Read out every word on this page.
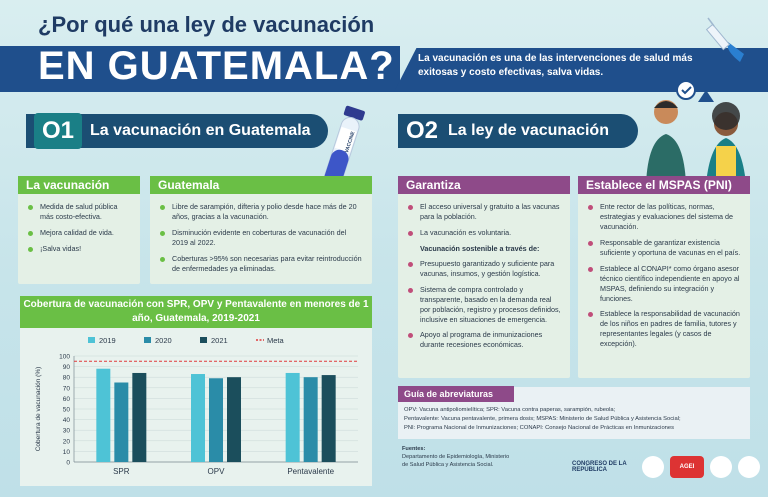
¿Por qué una ley de vacunación
EN GUATEMALA? La vacunación es una de las intervenciones de salud más exitosas y costo efectivas, salva vidas.
O1	La vacunación en Guatemala
VACCINE O2 La ley de vacunación
La vacunación
Medida de salud pública más costo-efectiva.
Mejora calidad de vida.
¡Salva vidas!
Guatemala
Libre de sarampión, difteria y polio desde hace más de 20 años, gracias a la vacunación.
Disminución evidente en coberturas de vacunación del 2019 al 2022.
Coberturas >95% son necesarias para evitar reintroducción de enfermedades ya eliminadas.
Garantiza
El acceso universal y gratuito a las vacunas para la población.
La vacunación es voluntaria.
Vacunación sostenible a través de:
Presupuesto garantizado y suficiente para vacunas, insumos, y gestión logística.
Sistema de compra controlado y transparente, basado en la demanda real por población, registro y procesos definidos, inclusive en situaciones de emergencia.
Apoyo al programa de inmunizaciones durante recesiones económicas.
Establece el MSPAS (PNI)
Ente rector de las políticas, normas, estrategias y evaluaciones del sistema de vacunación.
Responsable de garantizar existencia suficiente y oportuna de vacunas en el país.
Establece al CONAPI* como órgano asesor técnico científico independiente en apoyo al MSPAS, definiendo su integración y funciones.
Establece la responsabilidad de vacunación de los niños en padres de familia, tutores y representantes legales (y casos de excepción).
Cobertura de vacunación con SPR, OPV y Pentavalente en menores de 1 año, Guatemala, 2019-2021
2019	2020	2021	Meta
0
10
20
30
40
50
60
70
80
90
100
Cobertura de vacunación (%)
SPR	OPV	Pentavalente
Guía de abreviaturas
OPV: Vacuna antipoliomielítica; SPR: Vacuna contra paperas, sarampión, rubeola;
Pentavalente: Vacuna pentavalente, primera dosis; MSPAS: Ministerio de Salud Pública y Asistencia Social;
PNI: Programa Nacional de Inmunizaciones; CONAPI: Consejo Nacional de Prácticas en Inmunizaciones
Fuentes:
Departamento de Epidemiología, Ministerio
de Salud Pública y Asistencia Social.	CONGRESO DE LA REPÚBLICA	AGEI
